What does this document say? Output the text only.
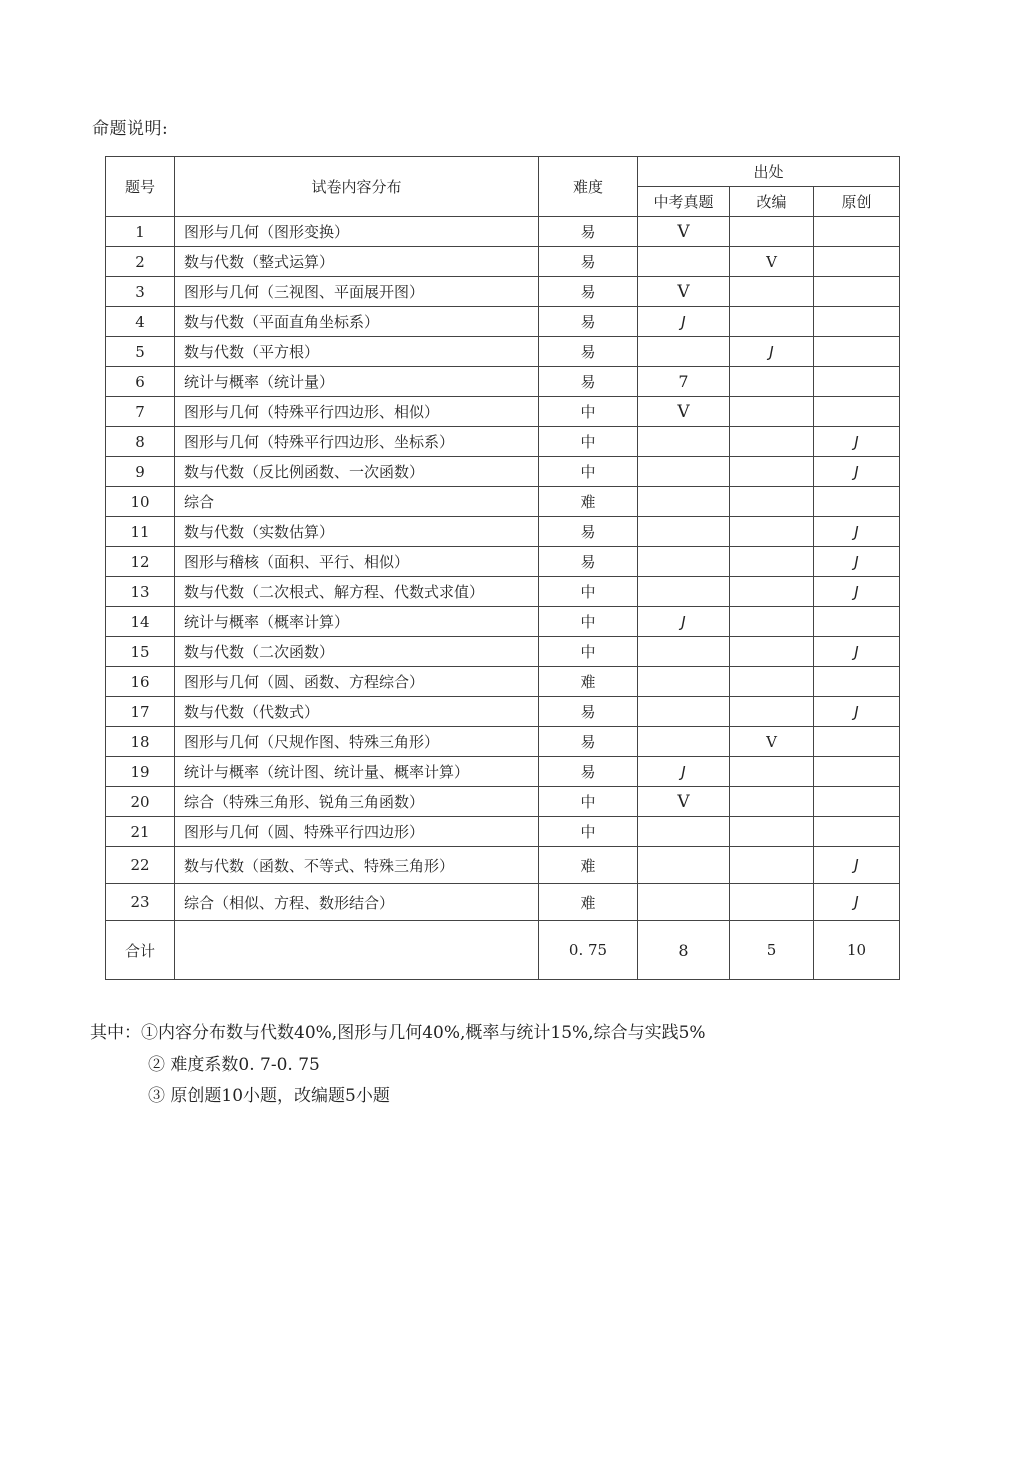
命题说明:
题号	试卷内容分布	难度	出处		
			中考真题	改编	原创
1	图形与几何（图形变换）	易	V		
2	数与代数（整式运算）	易		V	
3	图形与几何（三视图、平面展开图）	易	V		
4	数与代数（平面直角坐标系）	易	J		
5	数与代数（平方根）	易		J	
6	统计与概率（统计量）	易	7		
7	图形与几何（特殊平行四边形、相似）	中	V		
8	图形与几何（特殊平行四边形、坐标系）	中			J
9	数与代数（反比例函数、一次函数）	中			J
10	综合	难			
11	数与代数（实数估算）	易			J
12	图形与稽核（面积、平行、相似）	易			J
13	数与代数（二次根式、解方程、代数式求值）	中			J
14	统计与概率（概率计算）	中	J		
15	数与代数（二次函数）	中			J
16	图形与几何（圆、函数、方程综合）	难			
17	数与代数（代数式）	易			J
18	图形与几何（尺规作图、特殊三角形）	易		V	
19	统计与概率（统计图、统计量、概率计算）	易	J		
20	综合（特殊三角形、锐角三角函数）	中	V		
21	图形与几何（圆、特殊平行四边形）	中			
22	数与代数（函数、不等式、特殊三角形）	难			J
23	综合（相似、方程、数形结合）	难			J
合计		0. 75	8	5	10
其中：①内容分布数与代数40%,图形与几何40%,概率与统计15%,综合与实践5%
② 难度系数0. 7-0. 75
③ 原创题10小题，改编题5小题
